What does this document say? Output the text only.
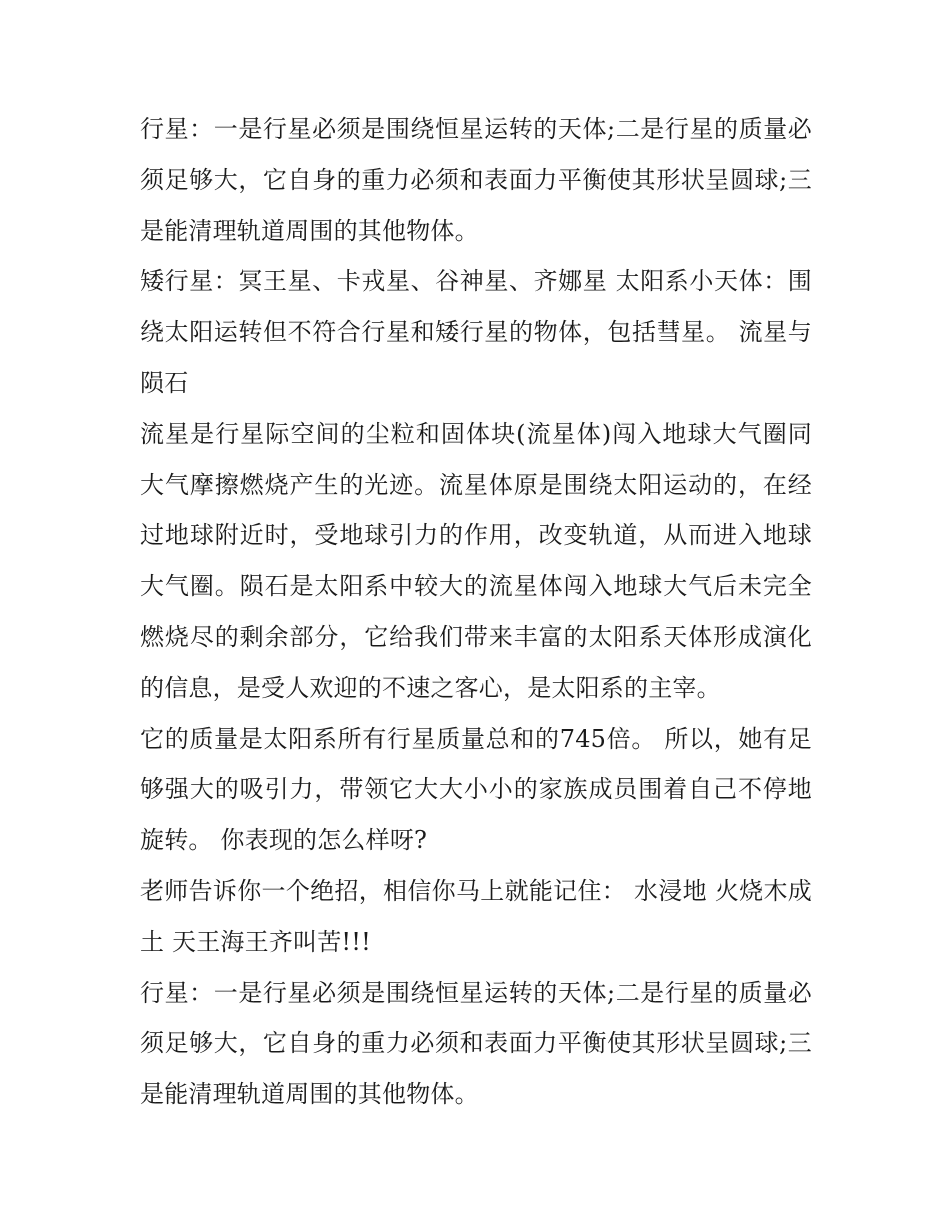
行星：一是行星必须是围绕恒星运转的天体;二是行星的质量必须足够大，它自身的重力必须和表面力平衡使其形状呈圆球;三是能清理轨道周围的其他物体。

矮行星：冥王星、卡戎星、谷神星、齐娜星 太阳系小天体：围绕太阳运转但不符合行星和矮行星的物体，包括彗星。 流星与陨石

流星是行星际空间的尘粒和固体块(流星体)闯入地球大气圈同大气摩擦燃烧产生的光迹。流星体原是围绕太阳运动的，在经过地球附近时，受地球引力的作用，改变轨道，从而进入地球大气圈。陨石是太阳系中较大的流星体闯入地球大气后未完全燃烧尽的剩余部分，它给我们带来丰富的太阳系天体形成演化的信息，是受人欢迎的不速之客心，是太阳系的主宰。

它的质量是太阳系所有行星质量总和的745倍。 所以，她有足够强大的吸引力，带领它大大小小的家族成员围着自己不停地旋转。 你表现的怎么样呀?

老师告诉你一个绝招，相信你马上就能记住： 水浸地 火烧木成土 天王海王齐叫苦!!!

行星：一是行星必须是围绕恒星运转的天体;二是行星的质量必须足够大，它自身的重力必须和表面力平衡使其形状呈圆球;三是能清理轨道周围的其他物体。
